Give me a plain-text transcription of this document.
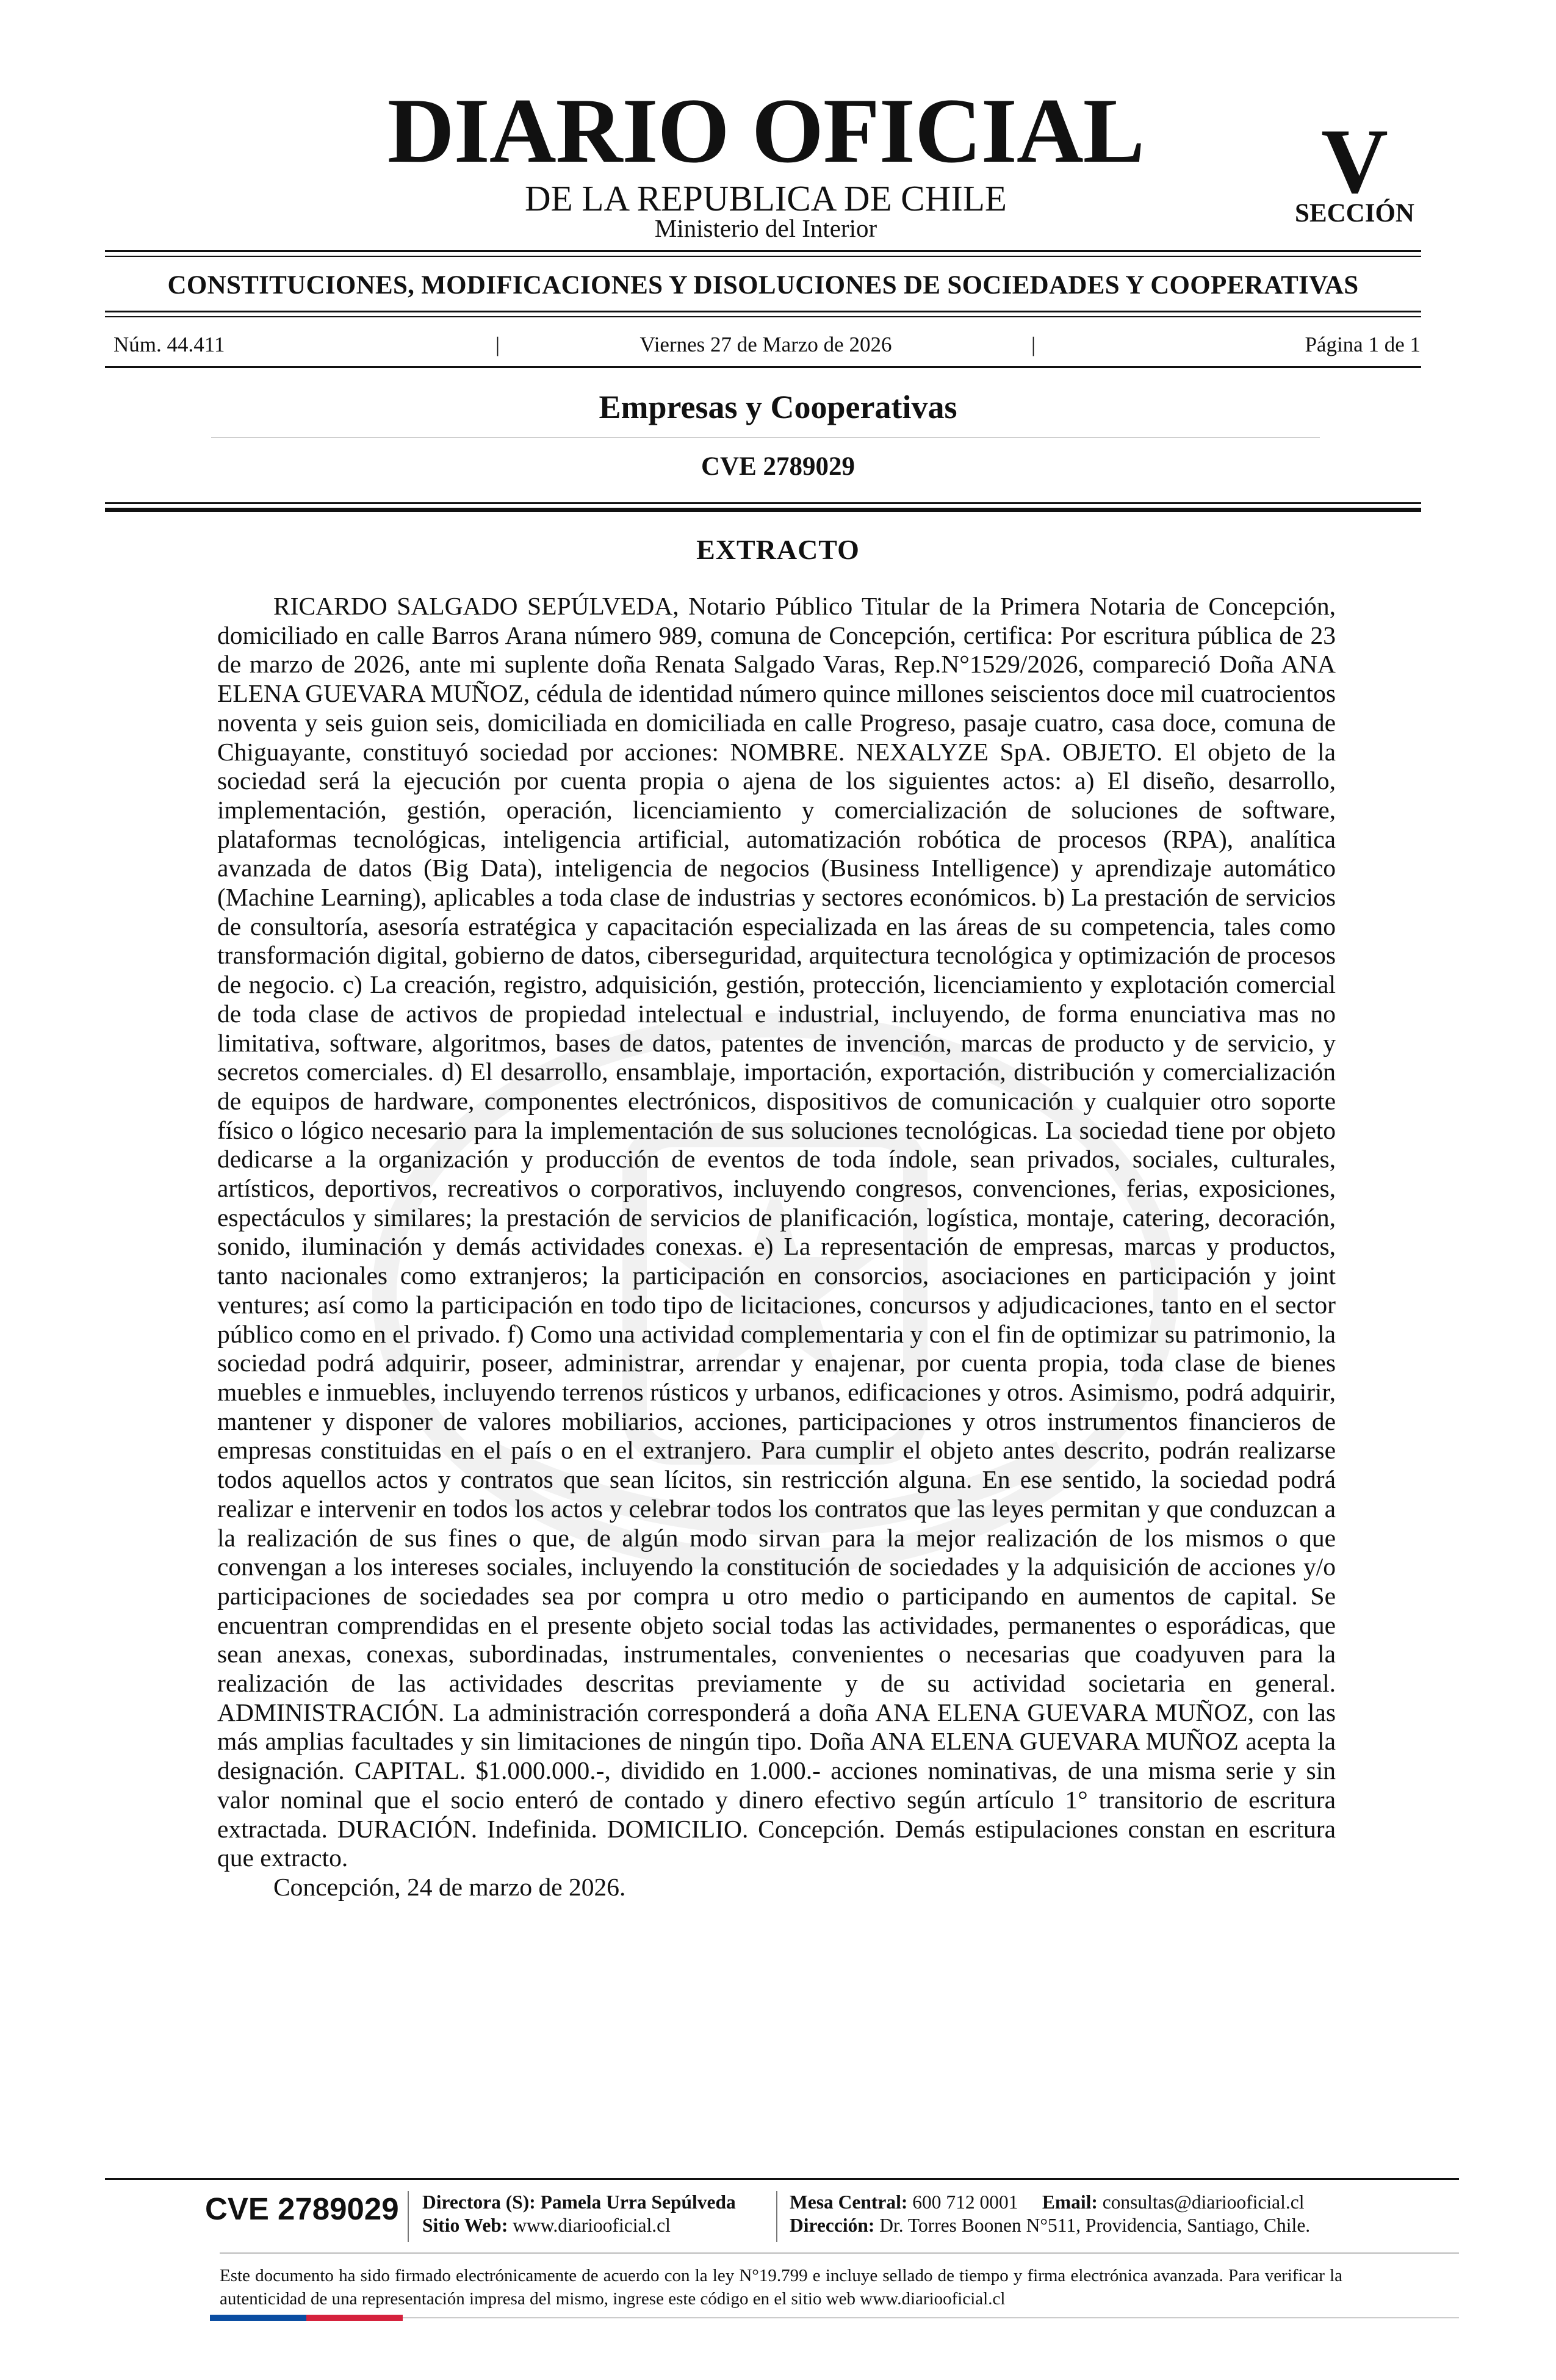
DIARIO OFICIAL
DE LA REPUBLICA DE CHILE
Ministerio del Interior
V
SECCIÓN
CONSTITUCIONES, MODIFICACIONES Y DISOLUCIONES DE SOCIEDADES Y COOPERATIVAS
Núm. 44.411	|	Viernes 27 de Marzo de 2026	|	Página 1 de 1
Empresas y Cooperativas
CVE 2789029
EXTRACTO

RICARDO SALGADO SEPÚLVEDA, Notario Público Titular de la Primera Notaria de Concepción, domiciliado en calle Barros Arana número 989, comuna de Concepción, certifica: Por escritura pública de 23 de marzo de 2026, ante mi suplente doña Renata Salgado Varas, Rep.N°1529/2026, compareció Doña ANA ELENA GUEVARA MUÑOZ, cédula de identidad número quince millones seiscientos doce mil cuatrocientos noventa y seis guion seis, domiciliada en domiciliada en calle Progreso, pasaje cuatro, casa doce, comuna de Chiguayante, constituyó sociedad por acciones: NOMBRE. NEXALYZE SpA. OBJETO. El objeto de la sociedad será la ejecución por cuenta propia o ajena de los siguientes actos: a) El diseño, desarrollo, implementación, gestión, operación, licenciamiento y comercialización de soluciones de software, plataformas tecnológicas, inteligencia artificial, automatización robótica de procesos (RPA), analítica avanzada de datos (Big Data), inteligencia de negocios (Business Intelligence) y aprendizaje automático (Machine Learning), aplicables a toda clase de industrias y sectores económicos. b) La prestación de servicios de consultoría, asesoría estratégica y capacitación especializada en las áreas de su competencia, tales como transformación digital, gobierno de datos, ciberseguridad, arquitectura tecnológica y optimización de procesos de negocio. c) La creación, registro, adquisición, gestión, protección, licenciamiento y explotación comercial de toda clase de activos de propiedad intelectual e industrial, incluyendo, de forma enunciativa mas no limitativa, software, algoritmos, bases de datos, patentes de invención, marcas de producto y de servicio, y secretos comerciales. d) El desarrollo, ensamblaje, importación, exportación, distribución y comercialización de equipos de hardware, componentes electrónicos, dispositivos de comunicación y cualquier otro soporte físico o lógico necesario para la implementación de sus soluciones tecnológicas. La sociedad tiene por objeto dedicarse a la organización y producción de eventos de toda índole, sean privados, sociales, culturales, artísticos, deportivos, recreativos o corporativos, incluyendo congresos, convenciones, ferias, exposiciones, espectáculos y similares; la prestación de servicios de planificación, logística, montaje, catering, decoración, sonido, iluminación y demás actividades conexas. e) La representación de empresas, marcas y productos, tanto nacionales como extranjeros; la participación en consorcios, asociaciones en participación y joint ventures; así como la participación en todo tipo de licitaciones, concursos y adjudicaciones, tanto en el sector público como en el privado. f) Como una actividad complementaria y con el fin de optimizar su patrimonio, la sociedad podrá adquirir, poseer, administrar, arrendar y enajenar, por cuenta propia, toda clase de bienes muebles e inmuebles, incluyendo terrenos rústicos y urbanos, edificaciones y otros. Asimismo, podrá adquirir, mantener y disponer de valores mobiliarios, acciones, participaciones y otros instrumentos financieros de empresas constituidas en el país o en el extranjero. Para cumplir el objeto antes descrito, podrán realizarse todos aquellos actos y contratos que sean lícitos, sin restricción alguna. En ese sentido, la sociedad podrá realizar e intervenir en todos los actos y celebrar todos los contratos que las leyes permitan y que conduzcan a la realización de sus fines o que, de algún modo sirvan para la mejor realización de los mismos o que convengan a los intereses sociales, incluyendo la constitución de sociedades y la adquisición de acciones y/o participaciones de sociedades sea por compra u otro medio o participando en aumentos de capital. Se encuentran comprendidas en el presente objeto social todas las actividades, permanentes o esporádicas, que sean anexas, conexas, subordinadas, instrumentales, convenientes o necesarias que coadyuven para la realización de las actividades descritas previamente y de su actividad societaria en general. ADMINISTRACIÓN. La administración corresponderá a doña ANA ELENA GUEVARA MUÑOZ, con las más amplias facultades y sin limitaciones de ningún tipo. Doña ANA ELENA GUEVARA MUÑOZ acepta la designación. CAPITAL. $1.000.000.-, dividido en 1.000.- acciones nominativas, de una misma serie y sin valor nominal que el socio enteró de contado y dinero efectivo según artículo 1° transitorio de escritura extractada. DURACIÓN. Indefinida. DOMICILIO. Concepción. Demás estipulaciones constan en escritura que extracto.
Concepción, 24 de marzo de 2026.

CVE 2789029 Directora (S): Pamela Urra Sepúlveda
Sitio Web: www.diariooficial.cl
Mesa Central: 600 712 0001 Email: consultas@diariooficial.cl
Dirección: Dr. Torres Boonen N°511, Providencia, Santiago, Chile.
Este documento ha sido firmado electrónicamente de acuerdo con la ley N°19.799 e incluye sellado de tiempo y firma electrónica avanzada. Para verificar la autenticidad de una representación impresa del mismo, ingrese este código en el sitio web www.diariooficial.cl
